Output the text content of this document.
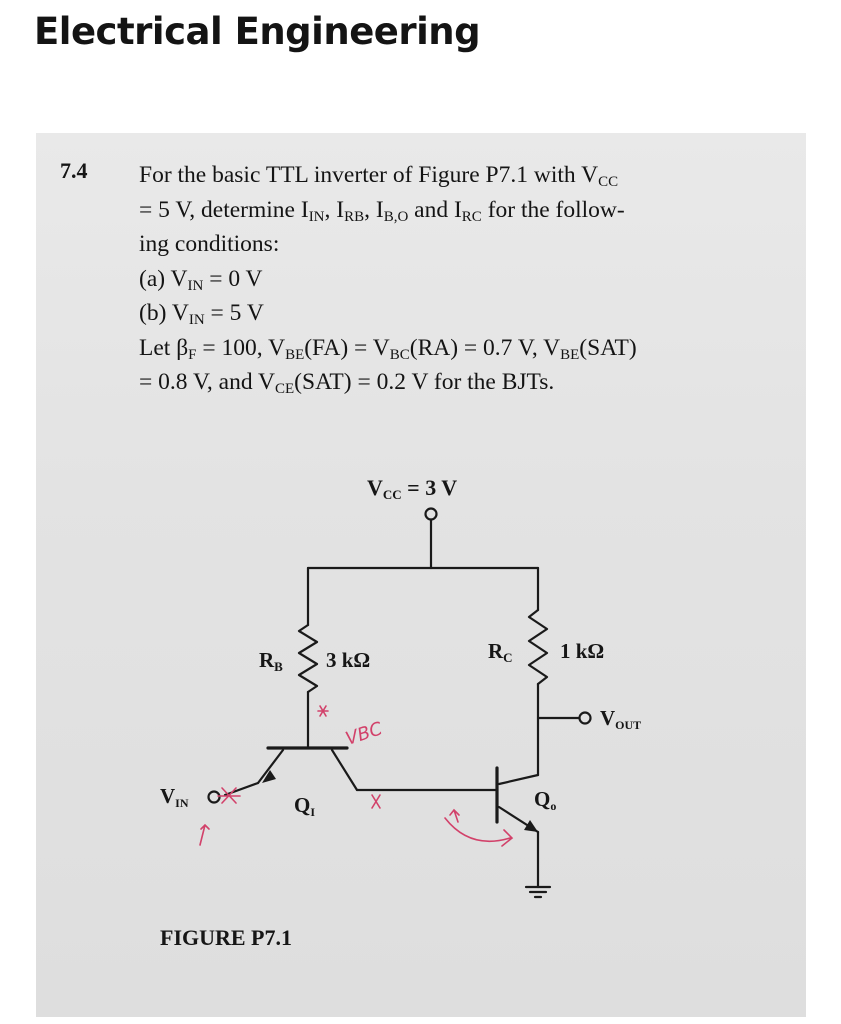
Electrical Engineering
7.4 For the basic TTL inverter of Figure P7.1 with $V_{CC}$
= 5 V, determine $I_{IN}$, $I_{RB}$, $I_{B,O}$ and $I_{RC}$ for the follow-
ing conditions:
(a) $V_{IN} = 0$ V
(b) $V_{IN} = 5$ V
Let $\beta_F = 100$, $V_{BE}(FA) = V_{BC}(RA) = 0.7$ V, $V_{BE}(SAT)$
= 0.8 V, and $V_{CE}(SAT) = 0.2$ V for the BJTs.
VBC
VCC = 3 V
RB 3 kΩ	RC 1 kΩ
VOUT
VIN	QI
Qo
FIGURE P7.1
